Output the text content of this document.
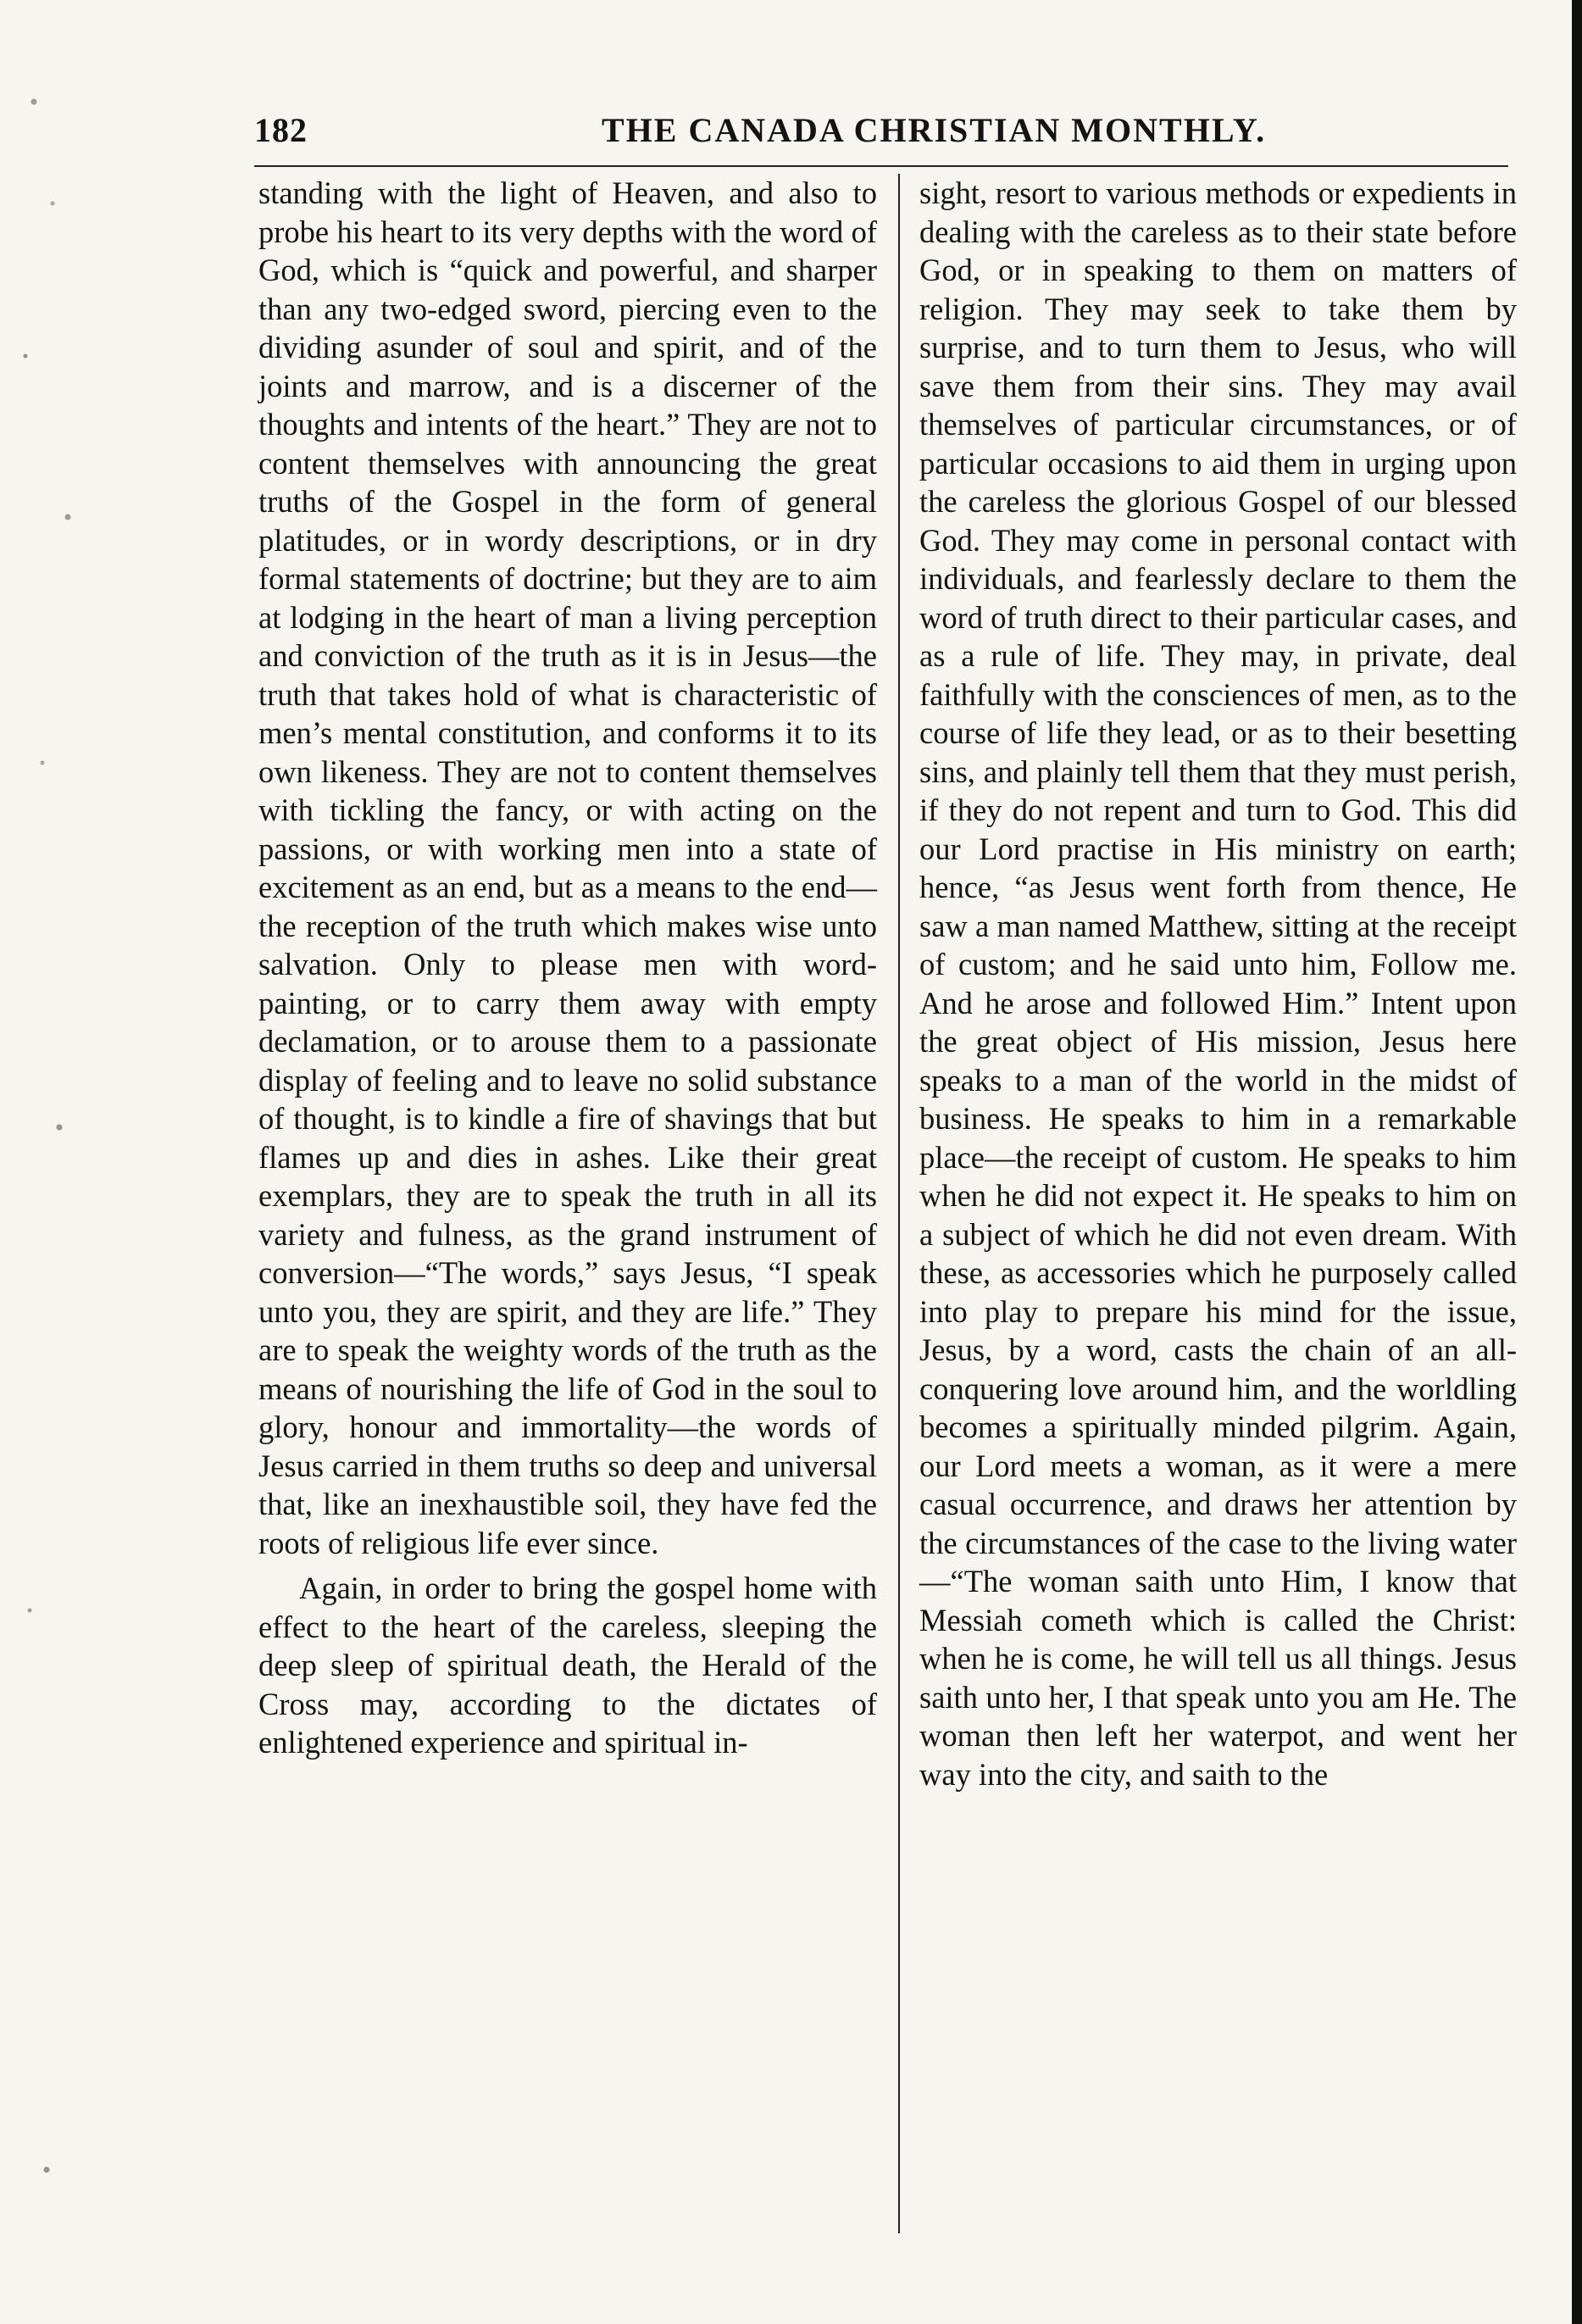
182	THE CANADA CHRISTIAN MONTHLY.

standing with the light of Heaven, and also to probe his heart to its very depths with the word of God, which is “quick and powerful, and sharper than any two-edged sword, piercing even to the dividing asunder of soul and spirit, and of the joints and marrow, and is a discerner of the thoughts and intents of the heart.” They are not to content themselves with announcing the great truths of the Gospel in the form of general platitudes, or in wordy descriptions, or in dry formal statements of doctrine; but they are to aim at lodging in the heart of man a living perception and conviction of the truth as it is in Jesus—the truth that takes hold of what is characteristic of men’s mental constitution, and conforms it to its own likeness. They are not to content themselves with tickling the fancy, or with acting on the passions, or with working men into a state of excitement as an end, but as a means to the end—the reception of the truth which makes wise unto salvation. Only to please men with word-painting, or to carry them away with empty declamation, or to arouse them to a passionate display of feeling and to leave no solid substance of thought, is to kindle a fire of shavings that but flames up and dies in ashes. Like their great exemplars, they are to speak the truth in all its variety and fulness, as the grand instrument of conversion—“The words,” says Jesus, “I speak unto you, they are spirit, and they are life.” They are to speak the weighty words of the truth as the means of nourishing the life of God in the soul to glory, honour and immortality—the words of Jesus carried in them truths so deep and universal that, like an inexhaustible soil, they have fed the roots of religious life ever since.

Again, in order to bring the gospel home with effect to the heart of the careless, sleeping the deep sleep of spiritual death, the Herald of the Cross may, according to the dictates of enlightened experience and spiritual in-

sight, resort to various methods or expedients in dealing with the careless as to their state before God, or in speaking to them on matters of religion. They may seek to take them by surprise, and to turn them to Jesus, who will save them from their sins. They may avail themselves of particular circumstances, or of particular occasions to aid them in urging upon the careless the glorious Gospel of our blessed God. They may come in personal contact with individuals, and fearlessly declare to them the word of truth direct to their particular cases, and as a rule of life. They may, in private, deal faithfully with the consciences of men, as to the course of life they lead, or as to their besetting sins, and plainly tell them that they must perish, if they do not repent and turn to God. This did our Lord practise in His ministry on earth; hence, “as Jesus went forth from thence, He saw a man named Matthew, sitting at the receipt of custom; and he said unto him, Follow me. And he arose and followed Him.” Intent upon the great object of His mission, Jesus here speaks to a man of the world in the midst of business. He speaks to him in a remarkable place—the receipt of custom. He speaks to him when he did not expect it. He speaks to him on a subject of which he did not even dream. With these, as accessories which he purposely called into play to prepare his mind for the issue, Jesus, by a word, casts the chain of an all-conquering love around him, and the worldling becomes a spiritually minded pilgrim. Again, our Lord meets a woman, as it were a mere casual occurrence, and draws her attention by the circumstances of the case to the living water—“The woman saith unto Him, I know that Messiah cometh which is called the Christ: when he is come, he will tell us all things. Jesus saith unto her, I that speak unto you am He. The woman then left her waterpot, and went her way into the city, and saith to the
